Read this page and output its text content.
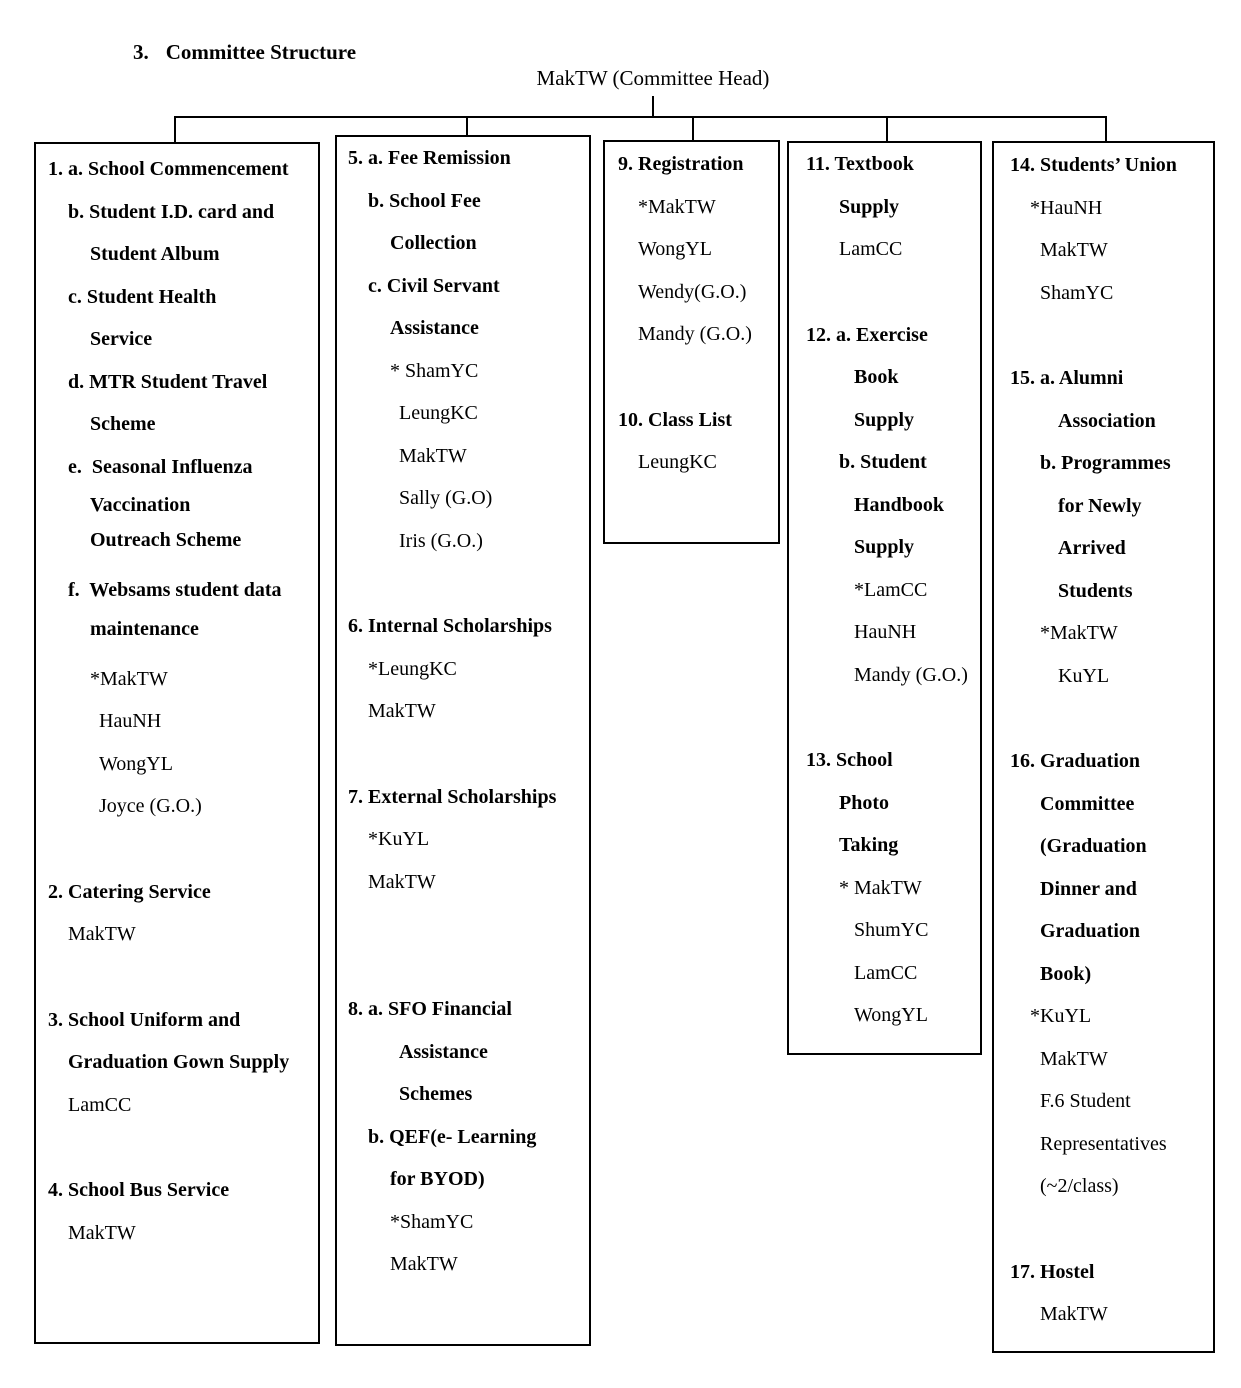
3. Committee Structure
MakTW (Committee Head)
1. a. School Commencement
b. Student I.D. card and
Student Album
c. Student Health
Service
d. MTR Student Travel
Scheme
e.  Seasonal Influenza
Vaccination
Outreach Scheme
f.  Websams student data
maintenance
*MakTW
HauNH
WongYL
Joyce (G.O.)
2. Catering Service
MakTW
3. School Uniform and
Graduation Gown Supply
LamCC
4. School Bus Service
MakTW
5. a. Fee Remission
b. School Fee
Collection
c. Civil Servant
Assistance
* ShamYC
LeungKC
MakTW
Sally (G.O)
Iris (G.O.)
6. Internal Scholarships
*LeungKC
MakTW
7. External Scholarships
*KuYL
MakTW
8. a. SFO Financial
Assistance
Schemes
b. QEF(e- Learning
for BYOD)
*ShamYC
MakTW
9. Registration
*MakTW
WongYL
Wendy(G.O.)
Mandy (G.O.)
10. Class List
LeungKC
11. Textbook
Supply
LamCC
12. a. Exercise
Book
Supply
b. Student
Handbook
Supply
*LamCC
HauNH
Mandy (G.O.)
13. School
Photo
Taking
* MakTW
ShumYC
LamCC
WongYL
14. Students’ Union
*HauNH
MakTW
ShamYC
15. a. Alumni
Association
b. Programmes
for Newly
Arrived
Students
*MakTW
KuYL
16. Graduation
Committee
(Graduation
Dinner and
Graduation
Book)
*KuYL
MakTW
F.6 Student
Representatives
(~2/class)
17. Hostel
MakTW
